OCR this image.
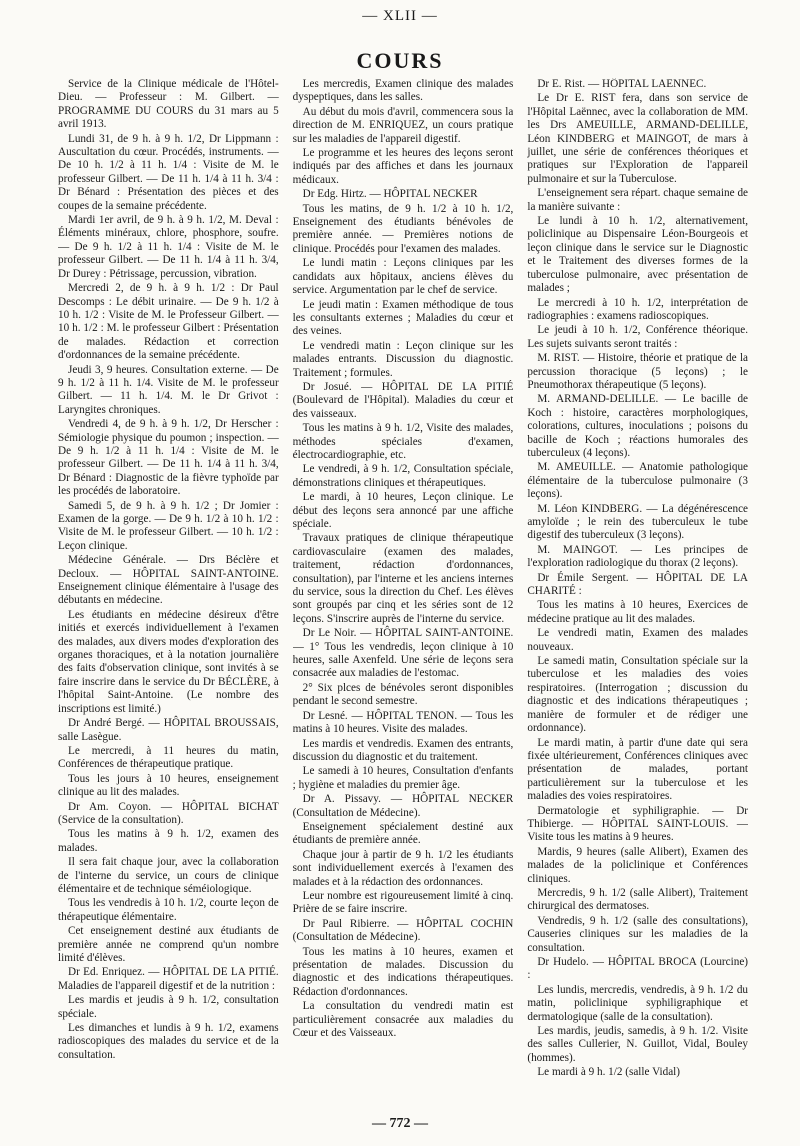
— XLII —
COURS

Service de la Clinique médicale de l'Hôtel-Dieu. — Professeur : M. Gilbert. — PROGRAMME DU COURS du 31 mars au 5 avril 1913.

Lundi 31, de 9 h. à 9 h. 1/2, Dr Lippmann : Auscultation du cœur. Procédés, instruments. — De 10 h. 1/2 à 11 h. 1/4 : Visite de M. le professeur Gilbert. — De 11 h. 1/4 à 11 h. 3/4 : Dr Bénard : Présentation des pièces et des coupes de la semaine précédente.

Mardi 1er avril, de 9 h. à 9 h. 1/2, M. Deval : Éléments minéraux, chlore, phosphore, soufre. — De 9 h. 1/2 à 11 h. 1/4 : Visite de M. le professeur Gilbert. — De 11 h. 1/4 à 11 h. 3/4, Dr Durey : Pétrissage, percussion, vibration.

Mercredi 2, de 9 h. à 9 h. 1/2 : Dr Paul Descomps : Le débit urinaire. — De 9 h. 1/2 à 10 h. 1/2 : Visite de M. le Professeur Gilbert. — 10 h. 1/2 : M. le professeur Gilbert : Présentation de malades. Rédaction et correction d'ordonnances de la semaine précédente.

Jeudi 3, 9 heures. Consultation externe. — De 9 h. 1/2 à 11 h. 1/4. Visite de M. le professeur Gilbert. — 11 h. 1/4. M. le Dr Grivot : Laryngites chroniques.

Vendredi 4, de 9 h. à 9 h. 1/2, Dr Herscher : Sémiologie physique du poumon ; inspection. — De 9 h. 1/2 à 11 h. 1/4 : Visite de M. le professeur Gilbert. — De 11 h. 1/4 à 11 h. 3/4, Dr Bénard : Diagnostic de la fièvre typhoïde par les procédés de laboratoire.

Samedi 5, de 9 h. à 9 h. 1/2 ; Dr Jomier : Examen de la gorge. — De 9 h. 1/2 à 10 h. 1/2 : Visite de M. le professeur Gilbert. — 10 h. 1/2 : Leçon clinique.

Médecine Générale. — Drs Béclère et Decloux. — HÔPITAL SAINT-ANTOINE. Enseignement clinique élémentaire à l'usage des débutants en médecine.

Les étudiants en médecine désireux d'être initiés et exercés individuellement à l'examen des malades, aux divers modes d'exploration des organes thoraciques, et à la notation journalière des faits d'observation clinique, sont invités à se faire inscrire dans le service du Dr BÉCLÈRE, à l'hôpital Saint-Antoine. (Le nombre des inscriptions est limité.)

Dr André Bergé. — HÔPITAL BROUSSAIS, salle Lasègue.

Le mercredi, à 11 heures du matin, Conférences de thérapeutique pratique.

Tous les jours à 10 heures, enseignement clinique au lit des malades.

Dr Am. Coyon. — HÔPITAL BICHAT (Service de la consultation).

Tous les matins à 9 h. 1/2, examen des malades.

Il sera fait chaque jour, avec la collaboration de l'interne du service, un cours de clinique élémentaire et de technique séméiologique.

Tous les vendredis à 10 h. 1/2, courte leçon de thérapeutique élémentaire.

Cet enseignement destiné aux étudiants de première année ne comprend qu'un nombre limité d'élèves.

Dr Ed. Enriquez. — HÔPITAL DE LA PITIÉ. Maladies de l'appareil digestif et de la nutrition :

Les mardis et jeudis à 9 h. 1/2, consultation spéciale.

Les dimanches et lundis à 9 h. 1/2, examens radioscopiques des malades du service et de la consultation.

Les mercredis, Examen clinique des malades dyspeptiques, dans les salles.

Au début du mois d'avril, commencera sous la direction de M. ENRIQUEZ, un cours pratique sur les maladies de l'appareil digestif.

Le programme et les heures des leçons seront indiqués par des affiches et dans les journaux médicaux.

Dr Edg. Hirtz. — HÔPITAL NECKER

Tous les matins, de 9 h. 1/2 à 10 h. 1/2, Enseignement des étudiants bénévoles de première année. — Premières notions de clinique. Procédés pour l'examen des malades.

Le lundi matin : Leçons cliniques par les candidats aux hôpitaux, anciens élèves du service. Argumentation par le chef de service.

Le jeudi matin : Examen méthodique de tous les consultants externes ; Maladies du cœur et des veines.

Le vendredi matin : Leçon clinique sur les malades entrants. Discussion du diagnostic. Traitement ; formules.

Dr Josué. — HÔPITAL DE LA PITIÉ (Boulevard de l'Hôpital). Maladies du cœur et des vaisseaux.

Tous les matins à 9 h. 1/2, Visite des malades, méthodes spéciales d'examen, électrocardiographie, etc.

Le vendredi, à 9 h. 1/2, Consultation spéciale, démonstrations cliniques et thérapeutiques.

Le mardi, à 10 heures, Leçon clinique. Le début des leçons sera annoncé par une affiche spéciale.

Travaux pratiques de clinique thérapeutique cardiovasculaire (examen des malades, traitement, rédaction d'ordonnances, consultation), par l'interne et les anciens internes du service, sous la direction du Chef. Les élèves sont groupés par cinq et les séries sont de 12 leçons. S'inscrire auprès de l'interne du service.

Dr Le Noir. — HÔPITAL SAINT-ANTOINE. — 1° Tous les vendredis, leçon clinique à 10 heures, salle Axenfeld. Une série de leçons sera consacrée aux maladies de l'estomac.

2° Six plces de bénévoles seront disponibles pendant le second semestre.

Dr Lesné. — HÔPITAL TENON. — Tous les matins à 10 heures. Visite des malades.

Les mardis et vendredis. Examen des entrants, discussion du diagnostic et du traitement.

Le samedi à 10 heures, Consultation d'enfants ; hygiène et maladies du premier âge.

Dr A. Pissavy. — HÔPITAL NECKER (Consultation de Médecine).

Enseignement spécialement destiné aux étudiants de première année.

Chaque jour à partir de 9 h. 1/2 les étudiants sont individuellement exercés à l'examen des malades et à la rédaction des ordonnances.

Leur nombre est rigoureusement limité à cinq. Prière de se faire inscrire.

Dr Paul Ribierre. — HÔPITAL COCHIN (Consultation de Médecine).

Tous les matins à 10 heures, examen et présentation de malades. Discussion du diagnostic et des indications thérapeutiques. Rédaction d'ordonnances.

La consultation du vendredi matin est particulièrement consacrée aux maladies du Cœur et des Vaisseaux.

Dr E. Rist. — HÔPITAL LAENNEC.

Le Dr E. RIST fera, dans son service de l'Hôpital Laënnec, avec la collaboration de MM. les Drs AMEUILLE, ARMAND-DELILLE, Léon KINDBERG et MAINGOT, de mars à juillet, une série de conférences théoriques et pratiques sur l'Exploration de l'appareil pulmonaire et sur la Tuberculose.

L'enseignement sera répart. chaque semaine de la manière suivante :

Le lundi à 10 h. 1/2, alternativement, policlinique au Dispensaire Léon-Bourgeois et leçon clinique dans le service sur le Diagnostic et le Traitement des diverses formes de la tuberculose pulmonaire, avec présentation de malades ;

Le mercredi à 10 h. 1/2, interprétation de radiographies : examens radioscopiques.

Le jeudi à 10 h. 1/2, Conférence théorique. Les sujets suivants seront traités :

M. RIST. — Histoire, théorie et pratique de la percussion thoracique (5 leçons) ; le Pneumothorax thérapeutique (5 leçons).

M. ARMAND-DELILLE. — Le bacille de Koch : histoire, caractères morphologiques, colorations, cultures, inoculations ; poisons du bacille de Koch ; réactions humorales des tuberculeux (4 leçons).

M. AMEUILLE. — Anatomie pathologique élémentaire de la tuberculose pulmonaire (3 leçons).

M. Léon KINDBERG. — La dégénérescence amyloïde ; le rein des tuberculeux le tube digestif des tuberculeux (3 leçons).

M. MAINGOT. — Les principes de l'exploration radiologique du thorax (2 leçons).

Dr Émile Sergent. — HÔPITAL DE LA CHARITÉ :

Tous les matins à 10 heures, Exercices de médecine pratique au lit des malades.

Le vendredi matin, Examen des malades nouveaux.

Le samedi matin, Consultation spéciale sur la tuberculose et les maladies des voies respiratoires. (Interrogation ; discussion du diagnostic et des indications thérapeutiques ; manière de formuler et de rédiger une ordonnance).

Le mardi matin, à partir d'une date qui sera fixée ultérieurement, Conférences cliniques avec présentation de malades, portant particulièrement sur la tuberculose et les maladies des voies respiratoires.

Dermatologie et syphiligraphie. — Dr Thibierge. — HÔPITAL SAINT-LOUIS. — Visite tous les matins à 9 heures.

Mardis, 9 heures (salle Alibert), Examen des malades de la policlinique et Conférences cliniques.

Mercredis, 9 h. 1/2 (salle Alibert), Traitement chirurgical des dermatoses.

Vendredis, 9 h. 1/2 (salle des consultations), Causeries cliniques sur les maladies de la consultation.

Dr Hudelo. — HÔPITAL BROCA (Lourcine) :

Les lundis, mercredis, vendredis, à 9 h. 1/2 du matin, policlinique syphiligraphique et dermatologique (salle de la consultation).

Les mardis, jeudis, samedis, à 9 h. 1/2. Visite des salles Cullerier, N. Guillot, Vidal, Bouley (hommes).

Le mardi à 9 h. 1/2 (salle Vidal)

— 772 —
